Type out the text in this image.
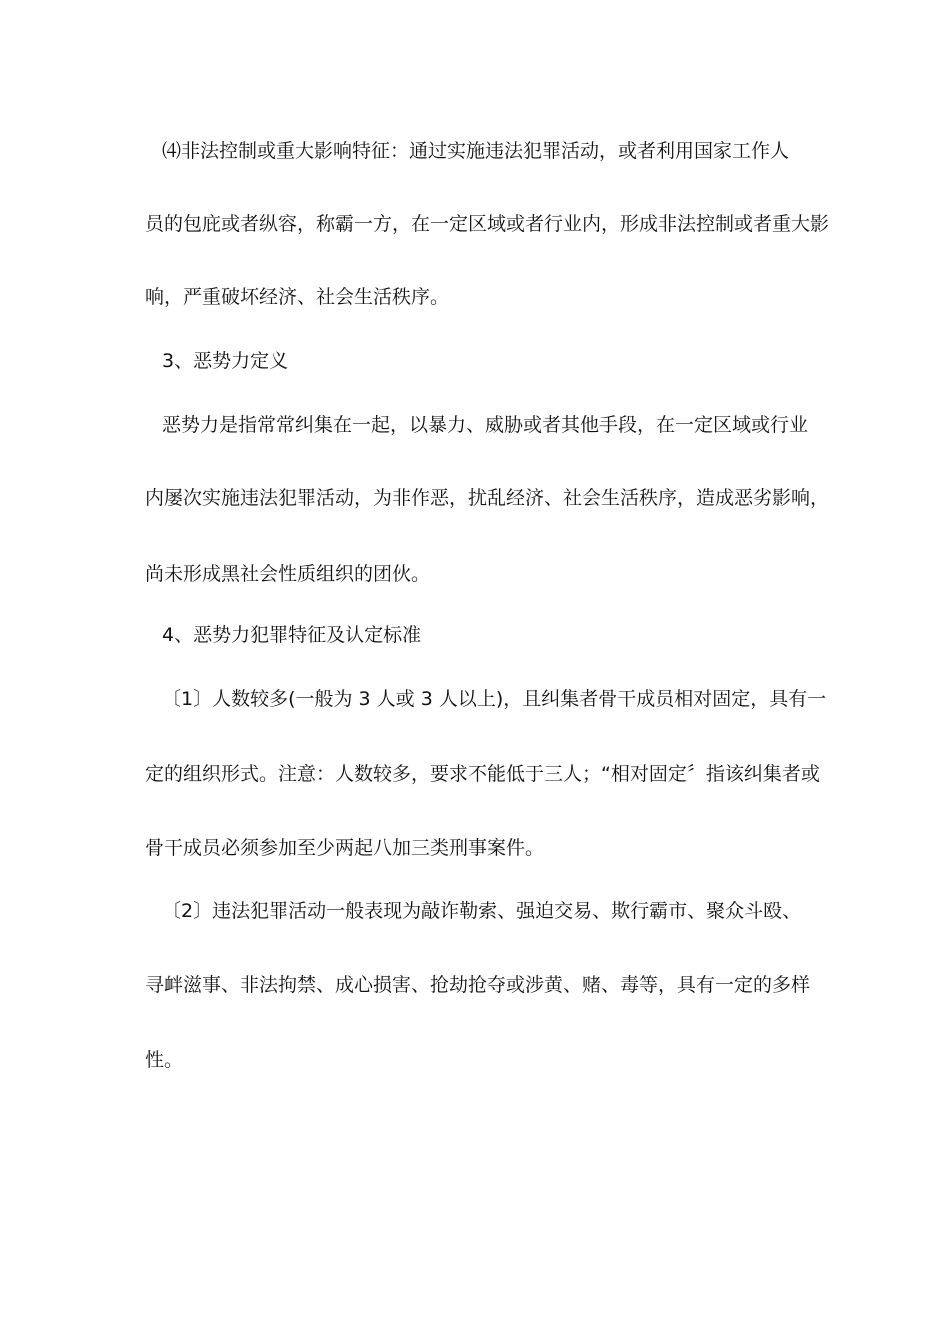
⑷非法控制或重大影响特征：通过实施违法犯罪活动，或者利用国家工作人
员的包庇或者纵容，称霸一方，在一定区域或者行业内，形成非法控制或者重大影
响，严重破坏经济、社会生活秩序。
3、恶势力定义
恶势力是指常常纠集在一起，以暴力、威胁或者其他手段，在一定区域或行业
内屡次实施违法犯罪活动，为非作恶，扰乱经济、社会生活秩序，造成恶劣影响，
尚未形成黑社会性质组织的团伙。
4、恶势力犯罪特征及认定标准
〔1〕人数较多(一般为 3 人或 3 人以上)，且纠集者骨干成员相对固定，具有一
定的组织形式。注意：人数较多，要求不能低于三人；“相对固定〞指该纠集者或
骨干成员必须参加至少两起八加三类刑事案件。
〔2〕违法犯罪活动一般表现为敲诈勒索、强迫交易、欺行霸市、聚众斗殴、
寻衅滋事、非法拘禁、成心损害、抢劫抢夺或涉黄、赌、毒等，具有一定的多样
性。
